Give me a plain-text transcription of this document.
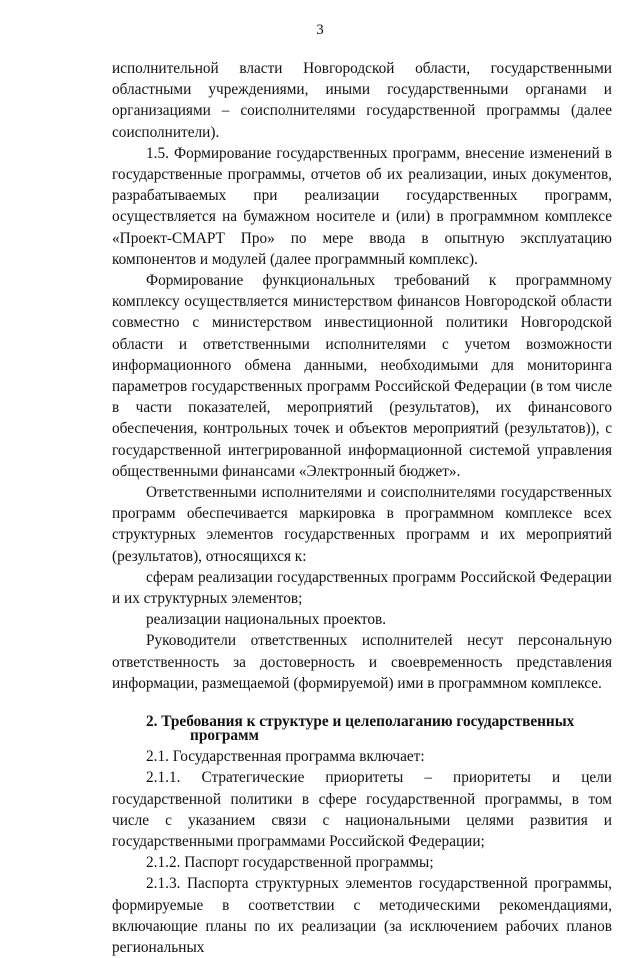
3

исполнительной власти Новгородской области, государственными областными учреждениями, иными государственными органами и организациями – соисполнителями государственной программы (далее соисполнители).

1.5. Формирование государственных программ, внесение изменений в государственные программы, отчетов об их реализации, иных документов, разрабатываемых при реализации государственных программ, осуществляется на бумажном носителе и (или) в программном комплексе «Проект-СМАРТ Про» по мере ввода в опытную эксплуатацию компонентов и модулей (далее программный комплекс).

Формирование функциональных требований к программному комплексу осуществляется министерством финансов Новгородской области совместно с министерством инвестиционной политики Новгородской области и ответственными исполнителями с учетом возможности информационного обмена данными, необходимыми для мониторинга параметров государственных программ Российской Федерации (в том числе в части показателей, мероприятий (результатов), их финансового обеспечения, контрольных точек и объектов мероприятий (результатов)), с государственной интегрированной информационной системой управления общественными финансами «Электронный бюджет».

Ответственными исполнителями и соисполнителями государственных программ обеспечивается маркировка в программном комплексе всех структурных элементов государственных программ и их мероприятий (результатов), относящихся к:

сферам реализации государственных программ Российской Федерации и их структурных элементов;

реализации национальных проектов.

Руководители ответственных исполнителей несут персональную ответственность за достоверность и своевременность представления информации, размещаемой (формируемой) ими в программном комплексе.

2. Требования к структуре и целеполаганию государственных

программ

2.1. Государственная программа включает:

2.1.1. Стратегические приоритеты – приоритеты и цели государственной политики в сфере государственной программы, в том числе с указанием связи с национальными целями развития и государственными программами Российской Федерации;

2.1.2. Паспорт государственной программы;

2.1.3. Паспорта структурных элементов государственной программы, формируемые в соответствии с методическими рекомендациями, включающие планы по их реализации (за исключением рабочих планов региональных
